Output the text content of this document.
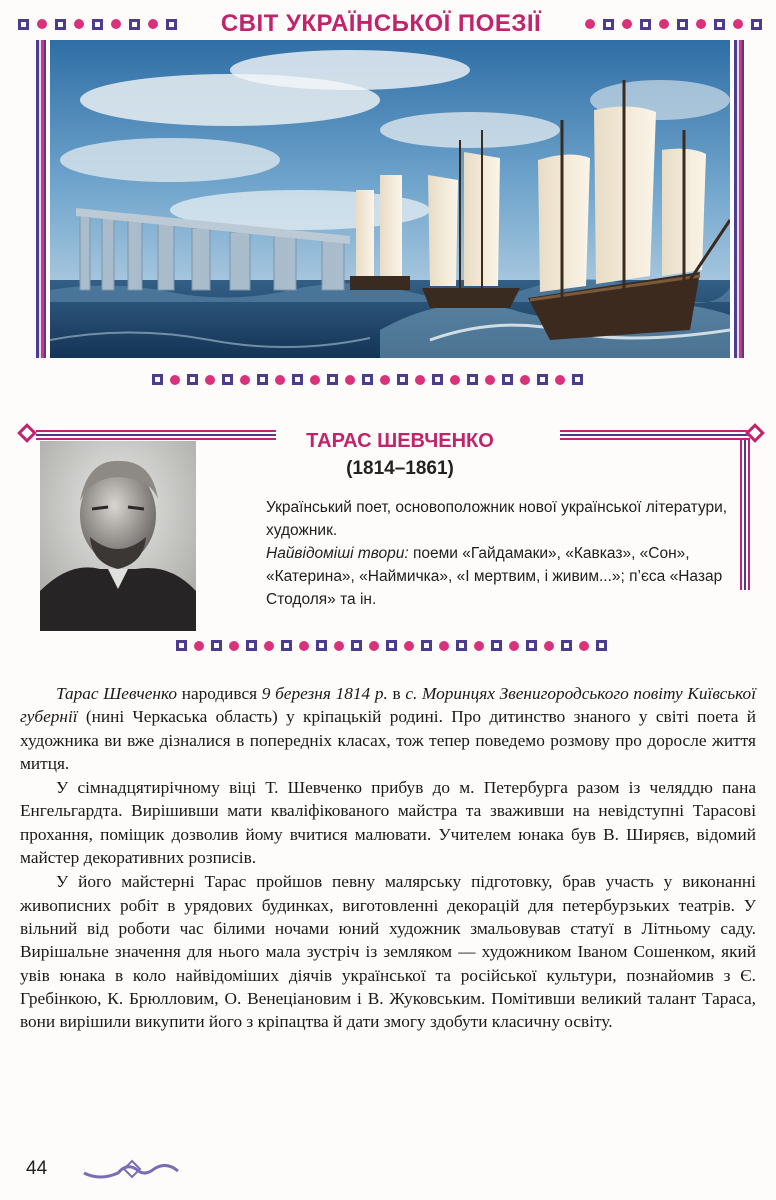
СВІТ УКРАЇНСЬКОЇ ПОЕЗІЇ
ТАРАС ШЕВЧЕНКО
(1814–1861)

Український поет, основоположник нової української літератури, художник.

Найвідоміші твори: поеми «Гайдамаки», «Кавказ», «Сон», «Катерина», «Наймичка», «І мертвим, і живим...»; п’єса «Назар Стодоля» та ін.

Тарас Шевченко народився 9 березня 1814 р. в с. Моринцях Звенигородського повіту Київської губернії (нині Черкаська область) у кріпацькій родині. Про дитинство знаного у світі поета й художника ви вже дізналися в попередніх класах, тож тепер поведемо розмову про доросле життя митця.

У сімнадцятирічному віці Т. Шевченко прибув до м. Петербурга разом із челяддю пана Енгельгардта. Вирішивши мати кваліфікованого майстра та зваживши на невідступні Тарасові прохання, поміщик дозволив йому вчитися малювати. Учителем юнака був В. Ширяєв, відомий майстер декоративних розписів.

У його майстерні Тарас пройшов певну малярську підготовку, брав участь у виконанні живописних робіт в урядових будинках, виготовленні декорацій для петербурзьких театрів. У вільний від роботи час білими ночами юний художник змальовував статуї в Літньому саду. Вирішальне значення для нього мала зустріч із земляком — художником Іваном Сошенком, який увів юнака в коло найвідоміших діячів української та російської культури, познайомив з Є. Гребінкою, К. Брюлловим, О. Венеціановим і В. Жуковським. Помітивши великий талант Тараса, вони вирішили викупити його з кріпацтва й дати змогу здобути класичну освіту.

44
